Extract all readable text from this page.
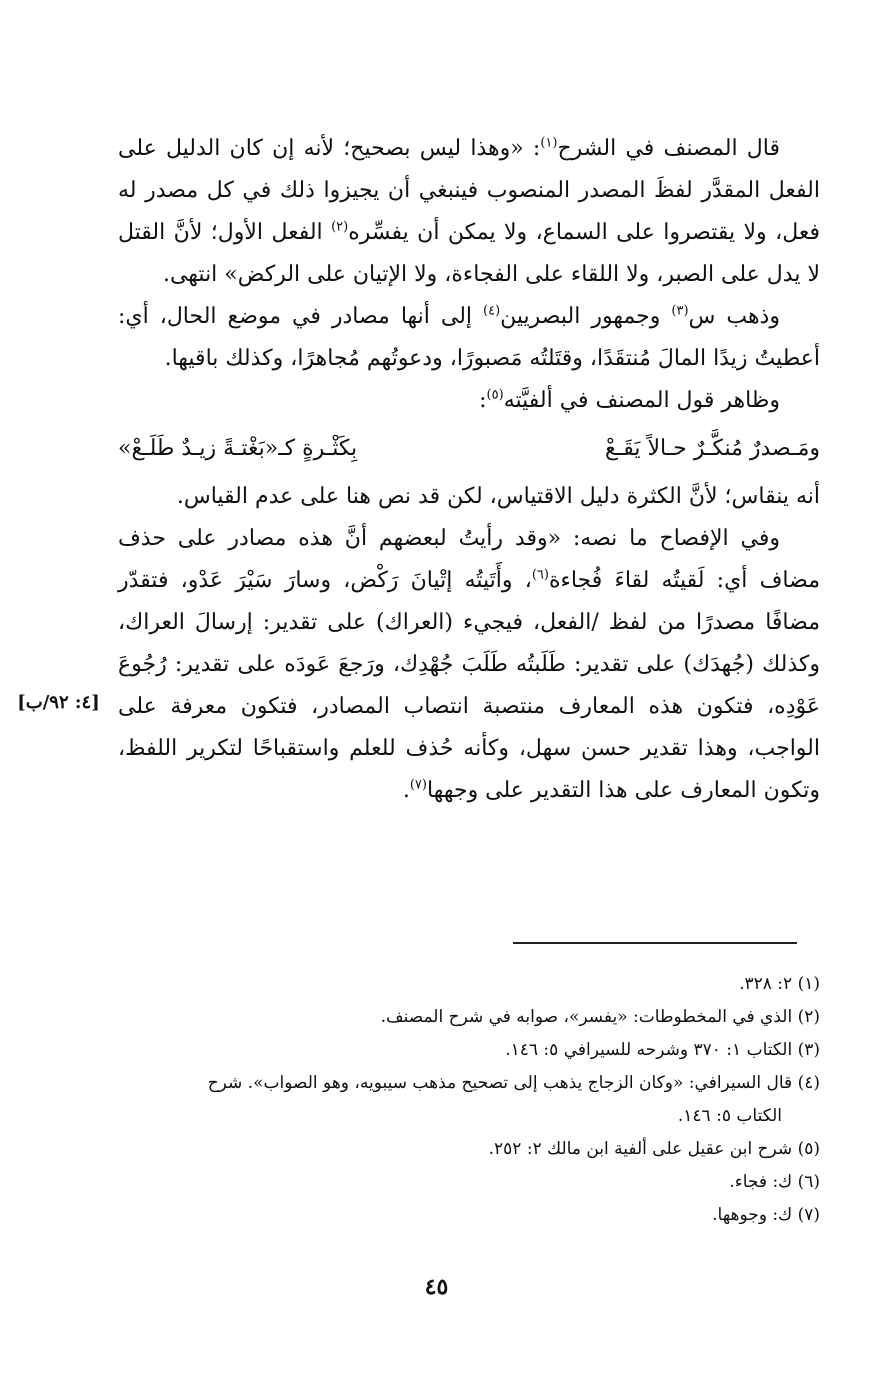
قال المصنف في الشرح$^{(١)}$: «وهذا ليس بصحيح؛ لأنه إن كان الدليل على الفعل المقدَّر لفظَ المصدر المنصوب فينبغي أن يجيزوا ذلك في كل مصدر له فعل، ولا يقتصروا على السماع، ولا يمكن أن يفسِّره$^{(٢)}$ الفعل الأول؛ لأنَّ القتل لا يدل على الصبر، ولا اللقاء على الفجاءة، ولا الإتيان على الركض» انتهى.

وذهب س$^{(٣)}$ وجمهور البصريين$^{(٤)}$ إلى أنها مصادر في موضع الحال، أي: أعطيتُ زيدًا المالَ مُنتقَدًا، وقتَلتُه مَصبورًا، ودعوتُهم مُجاهرًا، وكذلك باقيها.

وظاهر قول المصنف في ألفيَّته$^{(٥)}$:

ومَـصدرٌ مُنكَّـرٌ حـالاً يَقَـعْ
بِكَثْـرةٍ كـ«بَغْتـةً زيـدٌ طَلَـعْ»

أنه ينقاس؛ لأنَّ الكثرة دليل الاقتياس، لكن قد نص هنا على عدم القياس.

وفي الإفصاح ما نصه: «وقد رأيتُ لبعضهم أنَّ هذه مصادر على حذف مضاف أي: لَقيتُه لقاءَ فُجاءة$^{(٦)}$، وأَتَيتُه إتْيانَ رَكْض، وسارَ سَيْرَ عَدْو، فتقدّر مضافًا مصدرًا من لفظ /الفعل، فيجيء (العراك) على تقدير: إرسالَ العراك، وكذلك (جُهدَك) على تقدير: طَلَبتُه طَلَبَ جُهْدِك، ورَجعَ عَودَه على تقدير: رُجُوعَ عَوْدِه، فتكون هذه المعارف منتصبة انتصاب المصادر، فتكون معرفة على الواجب، وهذا تقدير حسن سهل، وكأنه حُذف للعلم واستقباحًا لتكرير اللفظ، وتكون المعارف على هذا التقدير على وجهها$^{(٧)}$.

[٤: ٩٢/ب]
(١) ٢: ٣٢٨.
(٢) الذي في المخطوطات: «يفسر»، صوابه في شرح المصنف.
(٣) الكتاب ١: ٣٧٠ وشرحه للسيرافي ٥: ١٤٦.
(٤) قال السيرافي: «وكان الزجاج يذهب إلى تصحيح مذهب سيبويه، وهو الصواب». شرح
الكتاب ٥: ١٤٦.
(٥) شرح ابن عقيل على ألفية ابن مالك ٢: ٢٥٢.
(٦) ك: فجاء.
(٧) ك: وجوهها.
٤٥
